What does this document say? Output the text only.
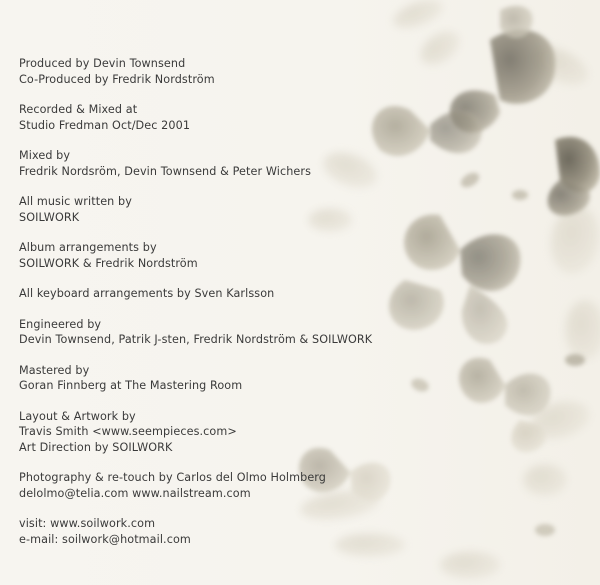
Produced by Devin Townsend
Co-Produced by Fredrik Nordström
Recorded & Mixed at
Studio Fredman Oct/Dec 2001
Mixed by
Fredrik Nordsröm, Devin Townsend & Peter Wichers
All music written by
SOILWORK
Album arrangements by
SOILWORK & Fredrik Nordström
All keyboard arrangements by Sven Karlsson
Engineered by
Devin Townsend, Patrik J-sten, Fredrik Nordström & SOILWORK
Mastered by
Goran Finnberg at The Mastering Room
Layout & Artwork by
Travis Smith <www.seempieces.com>
Art Direction by SOILWORK
Photography & re-touch by Carlos del Olmo Holmberg
delolmo@telia.com www.nailstream.com
visit: www.soilwork.com
e-mail: soilwork@hotmail.com
